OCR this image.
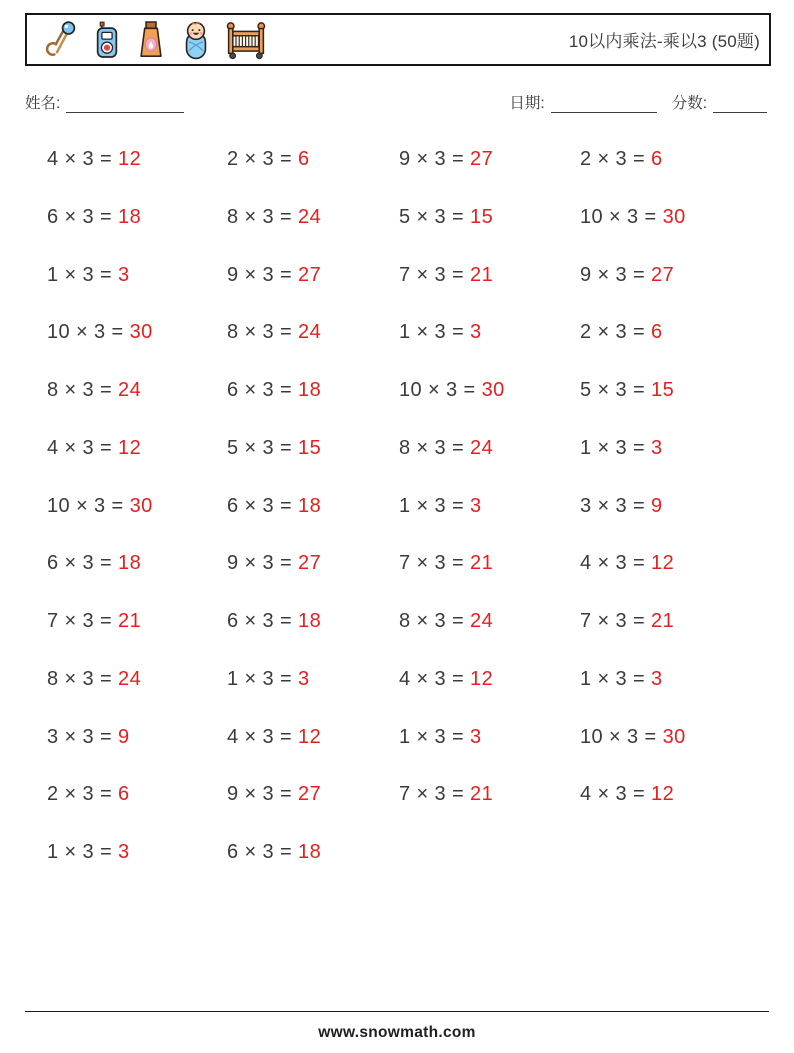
10以内乘法-乘以3 (50题)
姓名:	日期:	分数:
4 × 3 = 12	2 × 3 = 6	9 × 3 = 27	2 × 3 = 6
6 × 3 = 18	8 × 3 = 24	5 × 3 = 15	10 × 3 = 30
1 × 3 = 3	9 × 3 = 27	7 × 3 = 21	9 × 3 = 27
10 × 3 = 30	8 × 3 = 24	1 × 3 = 3	2 × 3 = 6
8 × 3 = 24	6 × 3 = 18	10 × 3 = 30	5 × 3 = 15
4 × 3 = 12	5 × 3 = 15	8 × 3 = 24	1 × 3 = 3
10 × 3 = 30	6 × 3 = 18	1 × 3 = 3	3 × 3 = 9
6 × 3 = 18	9 × 3 = 27	7 × 3 = 21	4 × 3 = 12
7 × 3 = 21	6 × 3 = 18	8 × 3 = 24	7 × 3 = 21
8 × 3 = 24	1 × 3 = 3	4 × 3 = 12	1 × 3 = 3
3 × 3 = 9	4 × 3 = 12	1 × 3 = 3	10 × 3 = 30
2 × 3 = 6	9 × 3 = 27	7 × 3 = 21	4 × 3 = 12
1 × 3 = 3	6 × 3 = 18
www.snowmath.com
